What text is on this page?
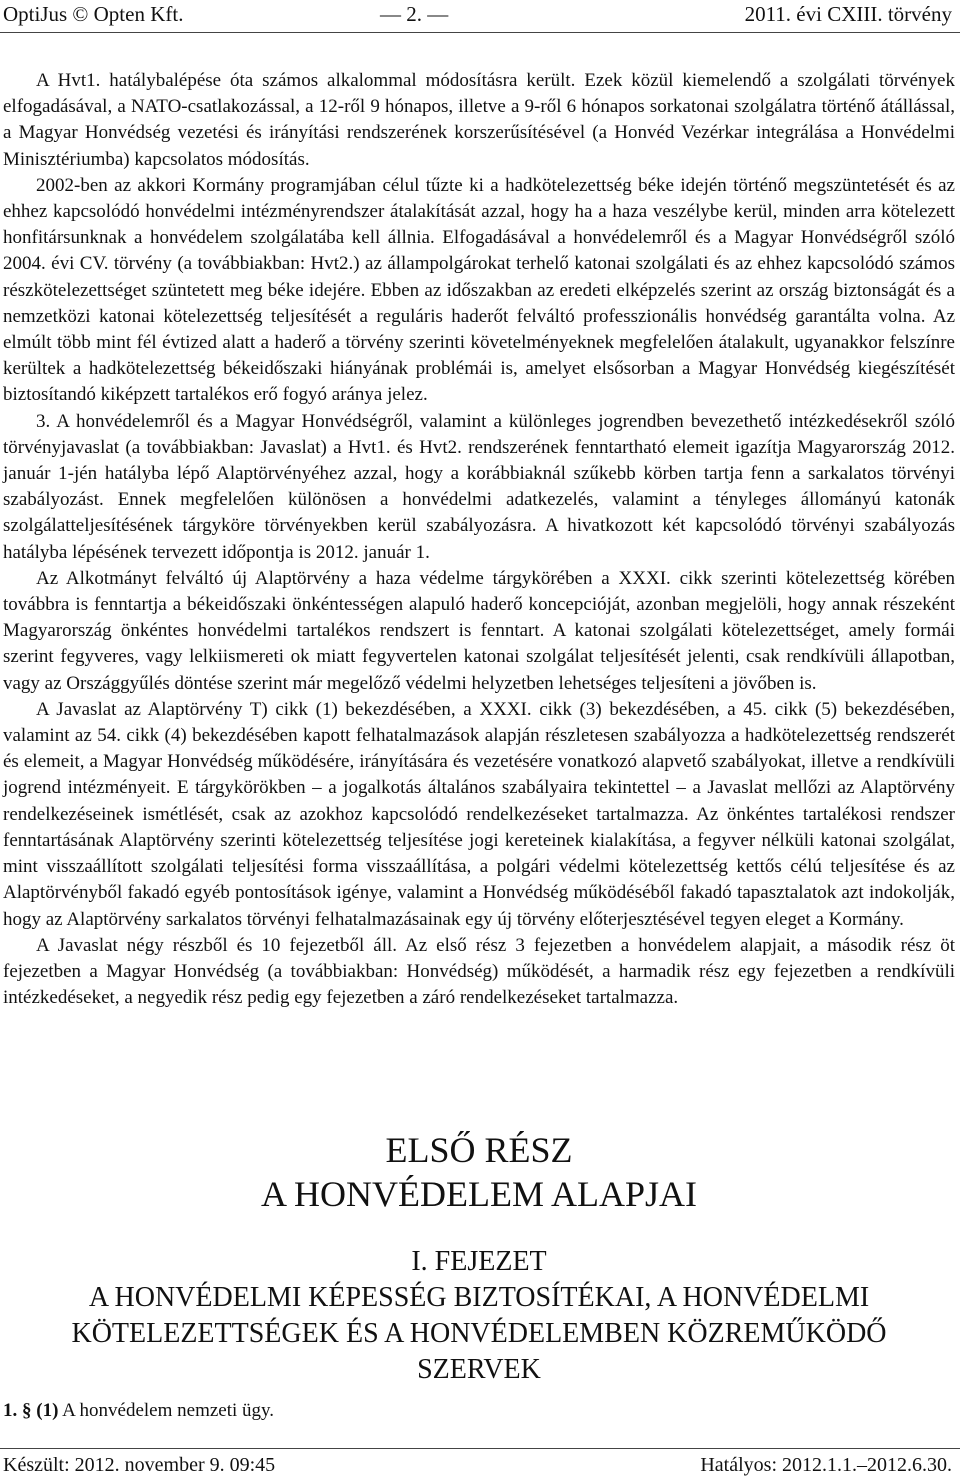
OptiJus © Opten Kft.	— 2. —	2011. évi CXIII. törvény

A Hvt1. hatálybalépése óta számos alkalommal módosításra került. Ezek közül kiemelendő a szolgálati törvények elfogadásával, a NATO-csatlakozással, a 12-ről 9 hónapos, illetve a 9-ről 6 hónapos sorkatonai szolgálatra történő átállással, a Magyar Honvédség vezetési és irányítási rendszerének korszerűsítésével (a Honvéd Vezérkar integrálása a Honvédelmi Minisztériumba) kapcsolatos módosítás.

2002-ben az akkori Kormány programjában célul tűzte ki a hadkötelezettség béke idején történő megszüntetését és az ehhez kapcsolódó honvédelmi intézményrendszer átalakítását azzal, hogy ha a haza veszélybe kerül, minden arra kötelezett honfitársunknak a honvédelem szolgálatába kell állnia. Elfogadásával a honvédelemről és a Magyar Honvédségről szóló 2004. évi CV. törvény (a továbbiakban: Hvt2.) az állampolgárokat terhelő katonai szolgálati és az ehhez kapcsolódó számos részkötelezettséget szüntetett meg béke idejére. Ebben az időszakban az eredeti elképzelés szerint az ország biztonságát és a nemzetközi katonai kötelezettség teljesítését a reguláris haderőt felváltó professzionális honvédség garantálta volna. Az elmúlt több mint fél évtized alatt a haderő a törvény szerinti követelményeknek megfelelően átalakult, ugyanakkor felszínre kerültek a hadkötelezettség békeidőszaki hiányának problémái is, amelyet elsősorban a Magyar Honvédség kiegészítését biztosítandó kiképzett tartalékos erő fogyó aránya jelez.

3. A honvédelemről és a Magyar Honvédségről, valamint a különleges jogrendben bevezethető intézkedésekről szóló törvényjavaslat (a továbbiakban: Javaslat) a Hvt1. és Hvt2. rendszerének fenntartható elemeit igazítja Magyarország 2012. január 1-jén hatályba lépő Alaptörvényéhez azzal, hogy a korábbiaknál szűkebb körben tartja fenn a sarkalatos törvényi szabályozást. Ennek megfelelően különösen a honvédelmi adatkezelés, valamint a tényleges állományú katonák szolgálatteljesítésének tárgyköre törvényekben kerül szabályozásra. A hivatkozott két kapcsolódó törvényi szabályozás hatályba lépésének tervezett időpontja is 2012. január 1.

Az Alkotmányt felváltó új Alaptörvény a haza védelme tárgykörében a XXXI. cikk szerinti kötelezettség körében továbbra is fenntartja a békeidőszaki önkéntességen alapuló haderő koncepcióját, azonban megjelöli, hogy annak részeként Magyarország önkéntes honvédelmi tartalékos rendszert is fenntart. A katonai szolgálati kötelezettséget, amely formái szerint fegyveres, vagy lelkiismereti ok miatt fegyvertelen katonai szolgálat teljesítését jelenti, csak rendkívüli állapotban, vagy az Országgyűlés döntése szerint már megelőző védelmi helyzetben lehetséges teljesíteni a jövőben is.

A Javaslat az Alaptörvény T) cikk (1) bekezdésében, a XXXI. cikk (3) bekezdésében, a 45. cikk (5) bekezdésében, valamint az 54. cikk (4) bekezdésében kapott felhatalmazások alapján részletesen szabályozza a hadkötelezettség rendszerét és elemeit, a Magyar Honvédség működésére, irányítására és vezetésére vonatkozó alapvető szabályokat, illetve a rendkívüli jogrend intézményeit. E tárgykörökben – a jogalkotás általános szabályaira tekintettel – a Javaslat mellőzi az Alaptörvény rendelkezéseinek ismétlését, csak az azokhoz kapcsolódó rendelkezéseket tartalmazza. Az önkéntes tartalékosi rendszer fenntartásának Alaptörvény szerinti kötelezettség teljesítése jogi kereteinek kialakítása, a fegyver nélküli katonai szolgálat, mint visszaállított szolgálati teljesítési forma visszaállítása, a polgári védelmi kötelezettség kettős célú teljesítése és az Alaptörvényből fakadó egyéb pontosítások igénye, valamint a Honvédség működéséből fakadó tapasztalatok azt indokolják, hogy az Alaptörvény sarkalatos törvényi felhatalmazásainak egy új törvény előterjesztésével tegyen eleget a Kormány.

A Javaslat négy részből és 10 fejezetből áll. Az első rész 3 fejezetben a honvédelem alapjait, a második rész öt fejezetben a Magyar Honvédség (a továbbiakban: Honvédség) működését, a harmadik rész egy fejezetben a rendkívüli intézkedéseket, a negyedik rész pedig egy fejezetben a záró rendelkezéseket tartalmazza.

ELSŐ RÉSZ
A HONVÉDELEM ALAPJAI
I. FEJEZET
A HONVÉDELMI KÉPESSÉG BIZTOSÍTÉKAI, A HONVÉDELMI
KÖTELEZETTSÉGEK ÉS A HONVÉDELEMBEN KÖZREMŰKÖDŐ
SZERVEK
1. § (1) A honvédelem nemzeti ügy.
Készült: 2012. november 9. 09:45	Hatályos: 2012.1.1.–2012.6.30.
